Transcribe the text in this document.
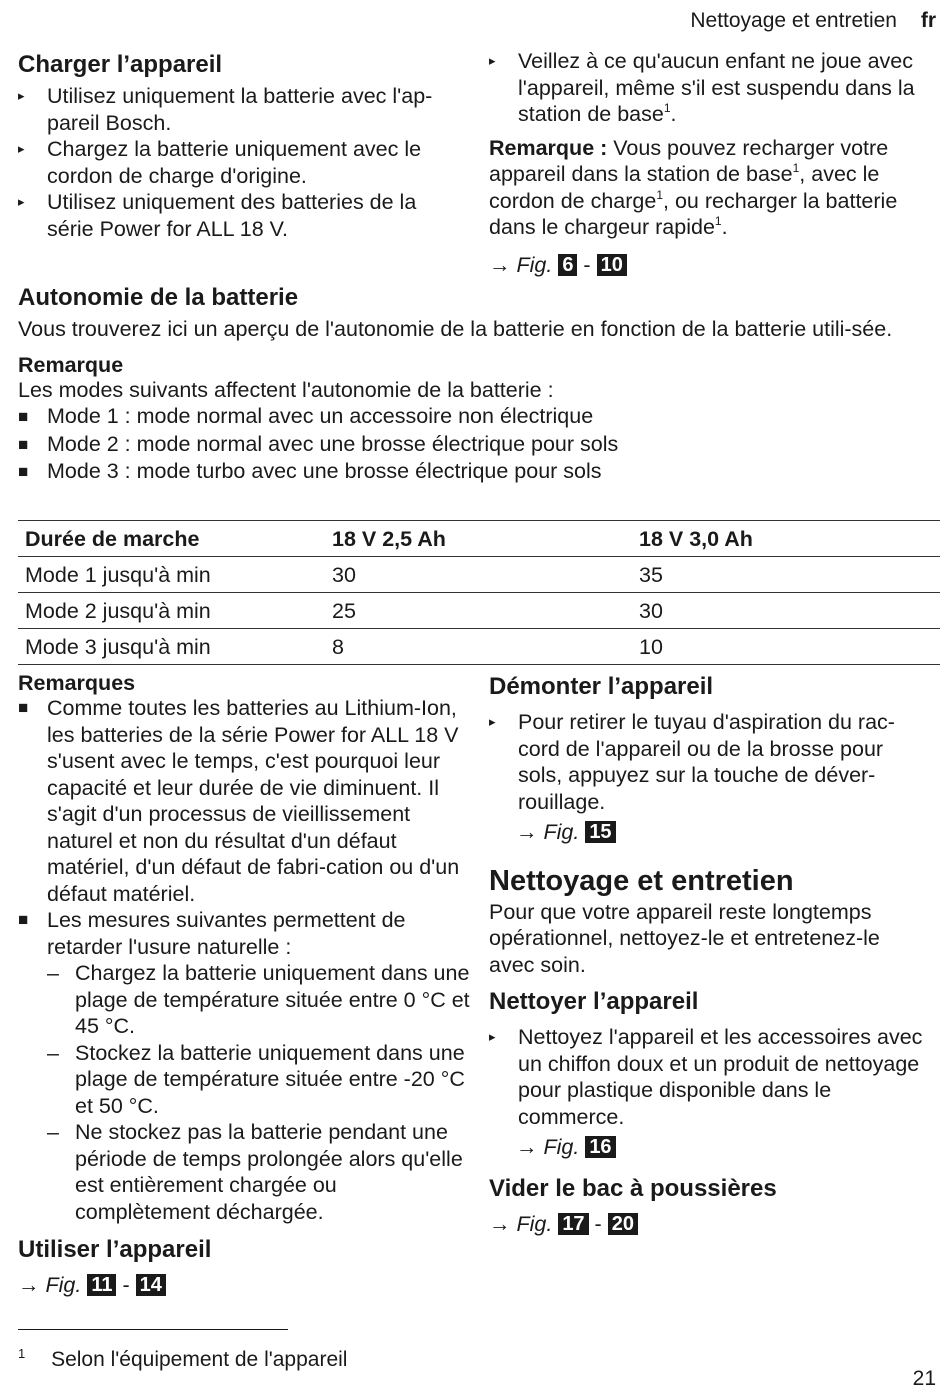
Nettoyage et entretien fr
Charger l’appareil
▸ Utilisez uniquement la batterie avec l'ap-pareil Bosch.
▸ Chargez la batterie uniquement avec le cordon de charge d'origine.
▸ Utilisez uniquement des batteries de la série Power for ALL 18 V.
▸ Veillez à ce qu'aucun enfant ne joue avec l'appareil, même s'il est suspendu dans la station de base$^1$.
Remarque : Vous pouvez recharger votre appareil dans la station de base$^1$, avec le cordon de charge$^1$, ou recharger la batterie dans le chargeur rapide$^1$.
→ Fig. 6 - 10
Autonomie de la batterie
Vous trouverez ici un aperçu de l'autonomie de la batterie en fonction de la batterie utili-sée.
Remarque
Les modes suivants affectent l'autonomie de la batterie :
■ Mode 1 : mode normal avec un accessoire non électrique
■ Mode 2 : mode normal avec une brosse électrique pour sols
■ Mode 3 : mode turbo avec une brosse électrique pour sols
Durée de marche	18 V 2,5 Ah	18 V 3,0 Ah
Mode 1 jusqu'à min	30	35
Mode 2 jusqu'à min	25	30
Mode 3 jusqu'à min	8	10
Remarques
■ Comme toutes les batteries au Lithium-Ion, les batteries de la série Power for ALL 18 V s'usent avec le temps, c'est pourquoi leur capacité et leur durée de vie diminuent. Il s'agit d'un processus de vieillissement naturel et non du résultat d'un défaut matériel, d'un défaut de fabri-cation ou d'un défaut matériel.
■ Les mesures suivantes permettent de retarder l'usure naturelle :
– Chargez la batterie uniquement dans une plage de température située entre 0 °C et 45 °C.
– Stockez la batterie uniquement dans une plage de température située entre -20 °C et 50 °C.
– Ne stockez pas la batterie pendant une période de temps prolongée alors qu'elle est entièrement chargée ou complètement déchargée.
Utiliser l’appareil
→ Fig. 11 - 14
Démonter l’appareil
▸ Pour retirer le tuyau d'aspiration du rac-cord de l'appareil ou de la brosse pour sols, appuyez sur la touche de déver-rouillage.
→ Fig. 15
Nettoyage et entretien
Pour que votre appareil reste longtemps opérationnel, nettoyez-le et entretenez-le avec soin.
Nettoyer l’appareil
▸ Nettoyez l'appareil et les accessoires avec un chiffon doux et un produit de nettoyage pour plastique disponible dans le commerce.
→ Fig. 16
Vider le bac à poussières
→ Fig. 17 - 20
$^1$ Selon l'équipement de l'appareil
21
